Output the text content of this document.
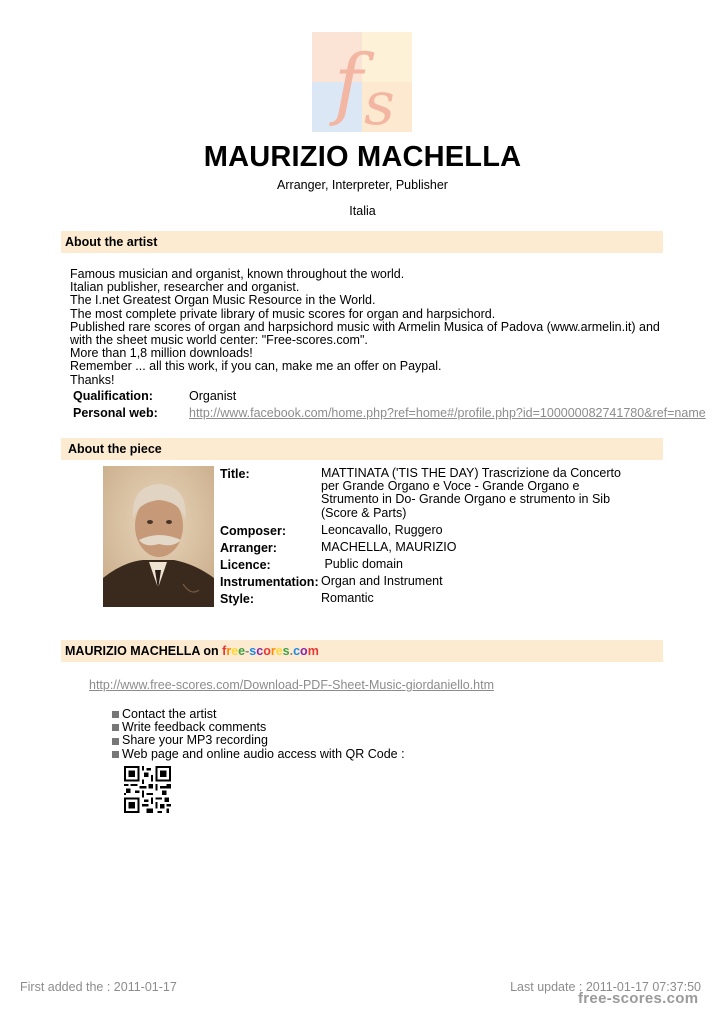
f s
MAURIZIO MACHELLA
Arranger, Interpreter, Publisher
Italia
About the artist
Famous musician and organist, known throughout the world.
Italian publisher, researcher and organist.
The I.net Greatest Organ Music Resource in the World.
The most complete private library of music scores for organ and harpsichord.
Published rare scores of organ and harpsichord music with Armelin Musica of Padova (www.armelin.it) and
with the sheet music world center: "Free-scores.com".
More than 1,8 million downloads!
Remember ... all this work, if you can, make me an offer on Paypal.
Thanks!
Qualification:	Organist
Personal web:	http://www.facebook.com/home.php?ref=home#/profile.php?id=100000082741780&ref=name
About the piece
Title:	MATTINATA ('TIS THE DAY) Trascrizione da Concerto
per Grande Organo e Voce - Grande Organo e
Strumento in Do- Grande Organo e strumento in Sib
(Score & Parts)
Composer:	Leoncavallo, Ruggero
Arranger:	MACHELLA, MAURIZIO
Licence:	Public domain
Instrumentation: Organ and Instrument
Style:	Romantic
MAURIZIO MACHELLA on free-scores.com
http://www.free-scores.com/Download-PDF-Sheet-Music-giordaniello.htm
Contact the artist
Write feedback comments
Share your MP3 recording
Web page and online audio access with QR Code :
First added the : 2011-01-17	Last update : 2011-01-17 07:37:50
free-scores.com
